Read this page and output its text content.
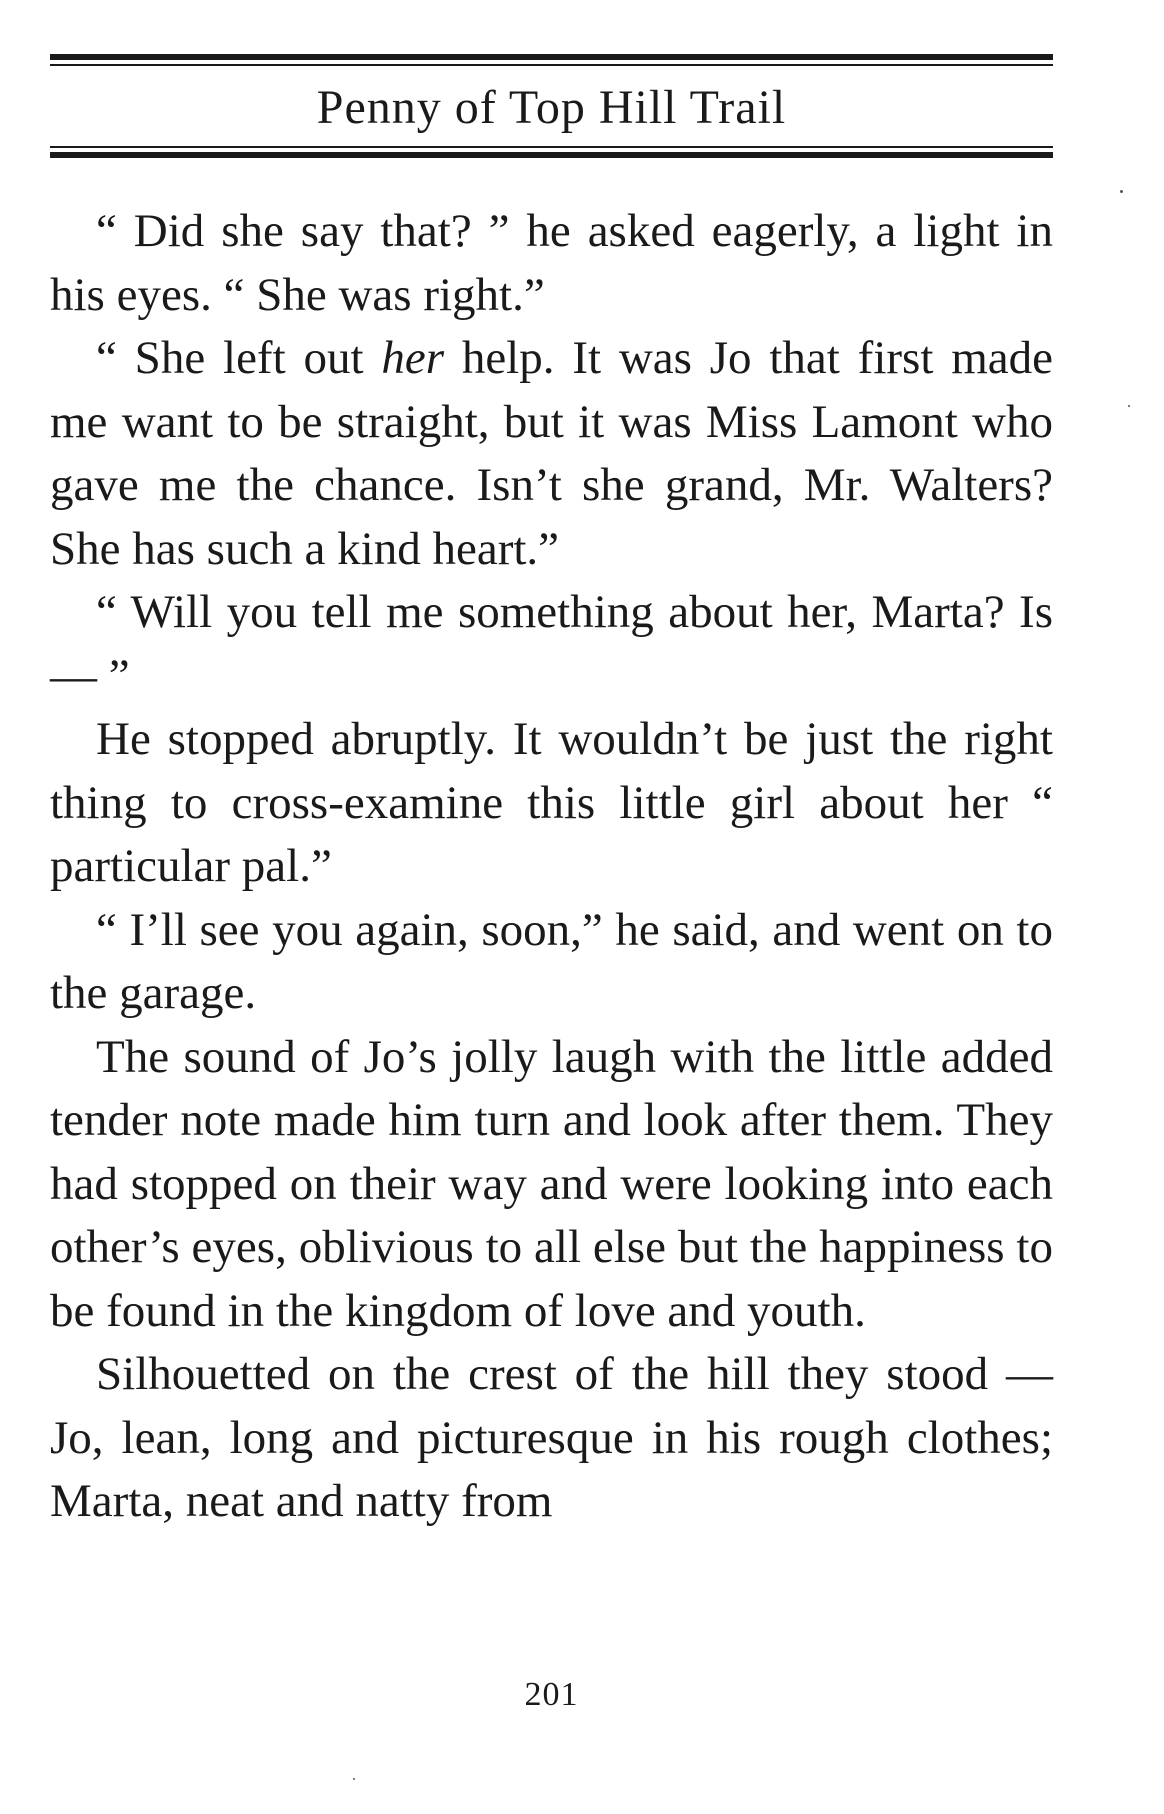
Penny of Top Hill Trail

“ Did she say that? ” he asked eagerly, a light in his eyes. “ She was right.”

“ She left out her help. It was Jo that first made me want to be straight, but it was Miss Lamont who gave me the chance. Isn’t she grand, Mr. Walters? She has such a kind heart.”

“ Will you tell me something about her, Marta? Is — ”

He stopped abruptly. It wouldn’t be just the right thing to cross-examine this little girl about her “ particular pal.”

“ I’ll see you again, soon,” he said, and went on to the garage.

The sound of Jo’s jolly laugh with the little added tender note made him turn and look after them. They had stopped on their way and were looking into each other’s eyes, oblivious to all else but the happiness to be found in the kingdom of love and youth.

Silhouetted on the crest of the hill they stood — Jo, lean, long and picturesque in his rough clothes; Marta, neat and natty from

201
